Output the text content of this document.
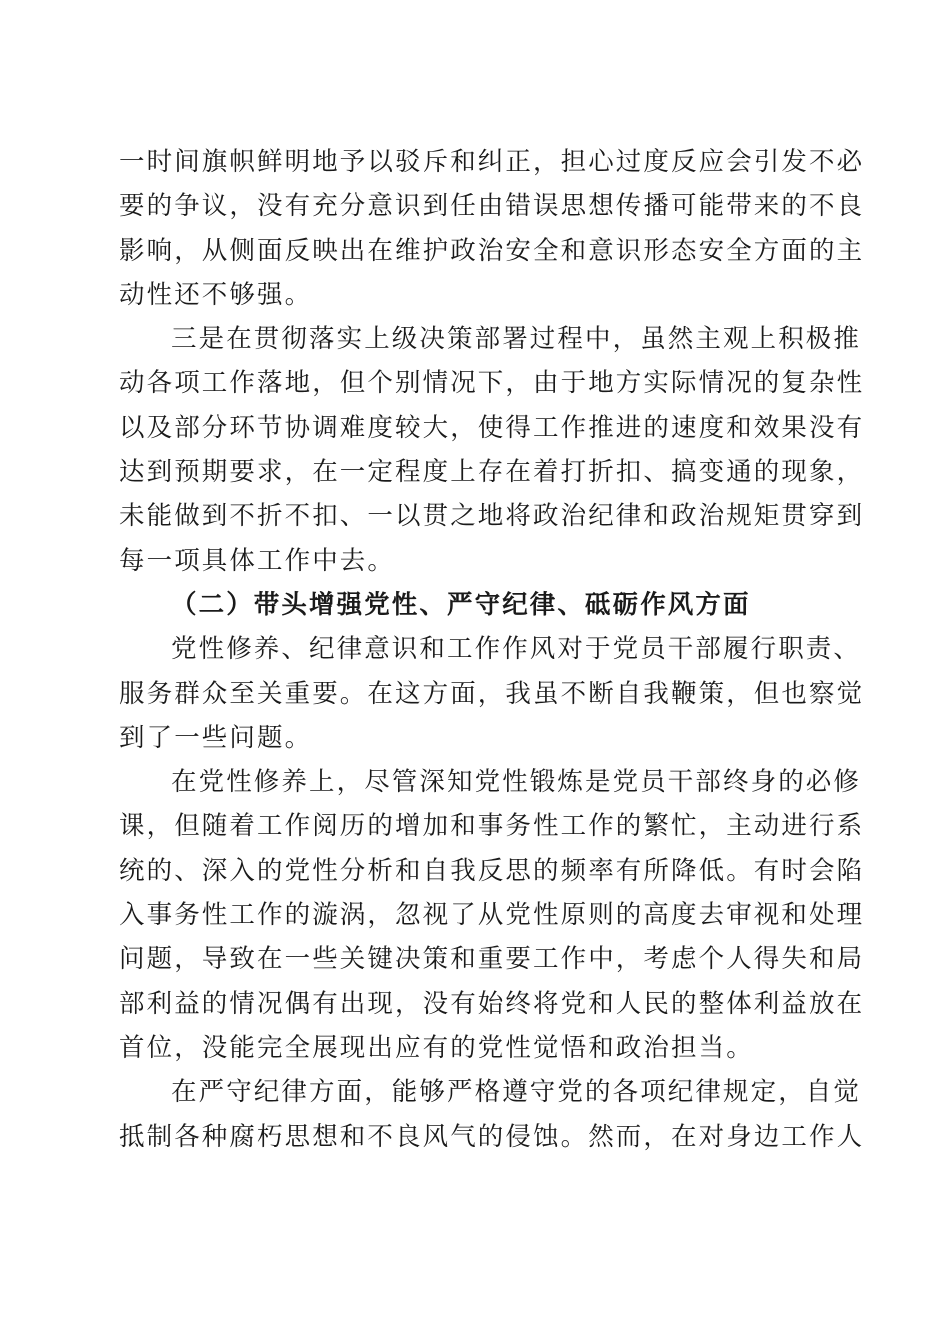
一时间旗帜鲜明地予以驳斥和纠正，担心过度反应会引发不必
要的争议，没有充分意识到任由错误思想传播可能带来的不良
影响，从侧面反映出在维护政治安全和意识形态安全方面的主
动性还不够强。
三是在贯彻落实上级决策部署过程中，虽然主观上积极推
动各项工作落地，但个别情况下，由于地方实际情况的复杂性
以及部分环节协调难度较大，使得工作推进的速度和效果没有
达到预期要求，在一定程度上存在着打折扣、搞变通的现象，
未能做到不折不扣、一以贯之地将政治纪律和政治规矩贯穿到
每一项具体工作中去。
（二）带头增强党性、严守纪律、砥砺作风方面
党性修养、纪律意识和工作作风对于党员干部履行职责、
服务群众至关重要。在这方面，我虽不断自我鞭策，但也察觉
到了一些问题。
在党性修养上，尽管深知党性锻炼是党员干部终身的必修
课，但随着工作阅历的增加和事务性工作的繁忙，主动进行系
统的、深入的党性分析和自我反思的频率有所降低。有时会陷
入事务性工作的漩涡，忽视了从党性原则的高度去审视和处理
问题，导致在一些关键决策和重要工作中，考虑个人得失和局
部利益的情况偶有出现，没有始终将党和人民的整体利益放在
首位，没能完全展现出应有的党性觉悟和政治担当。
在严守纪律方面，能够严格遵守党的各项纪律规定，自觉
抵制各种腐朽思想和不良风气的侵蚀。然而，在对身边工作人
